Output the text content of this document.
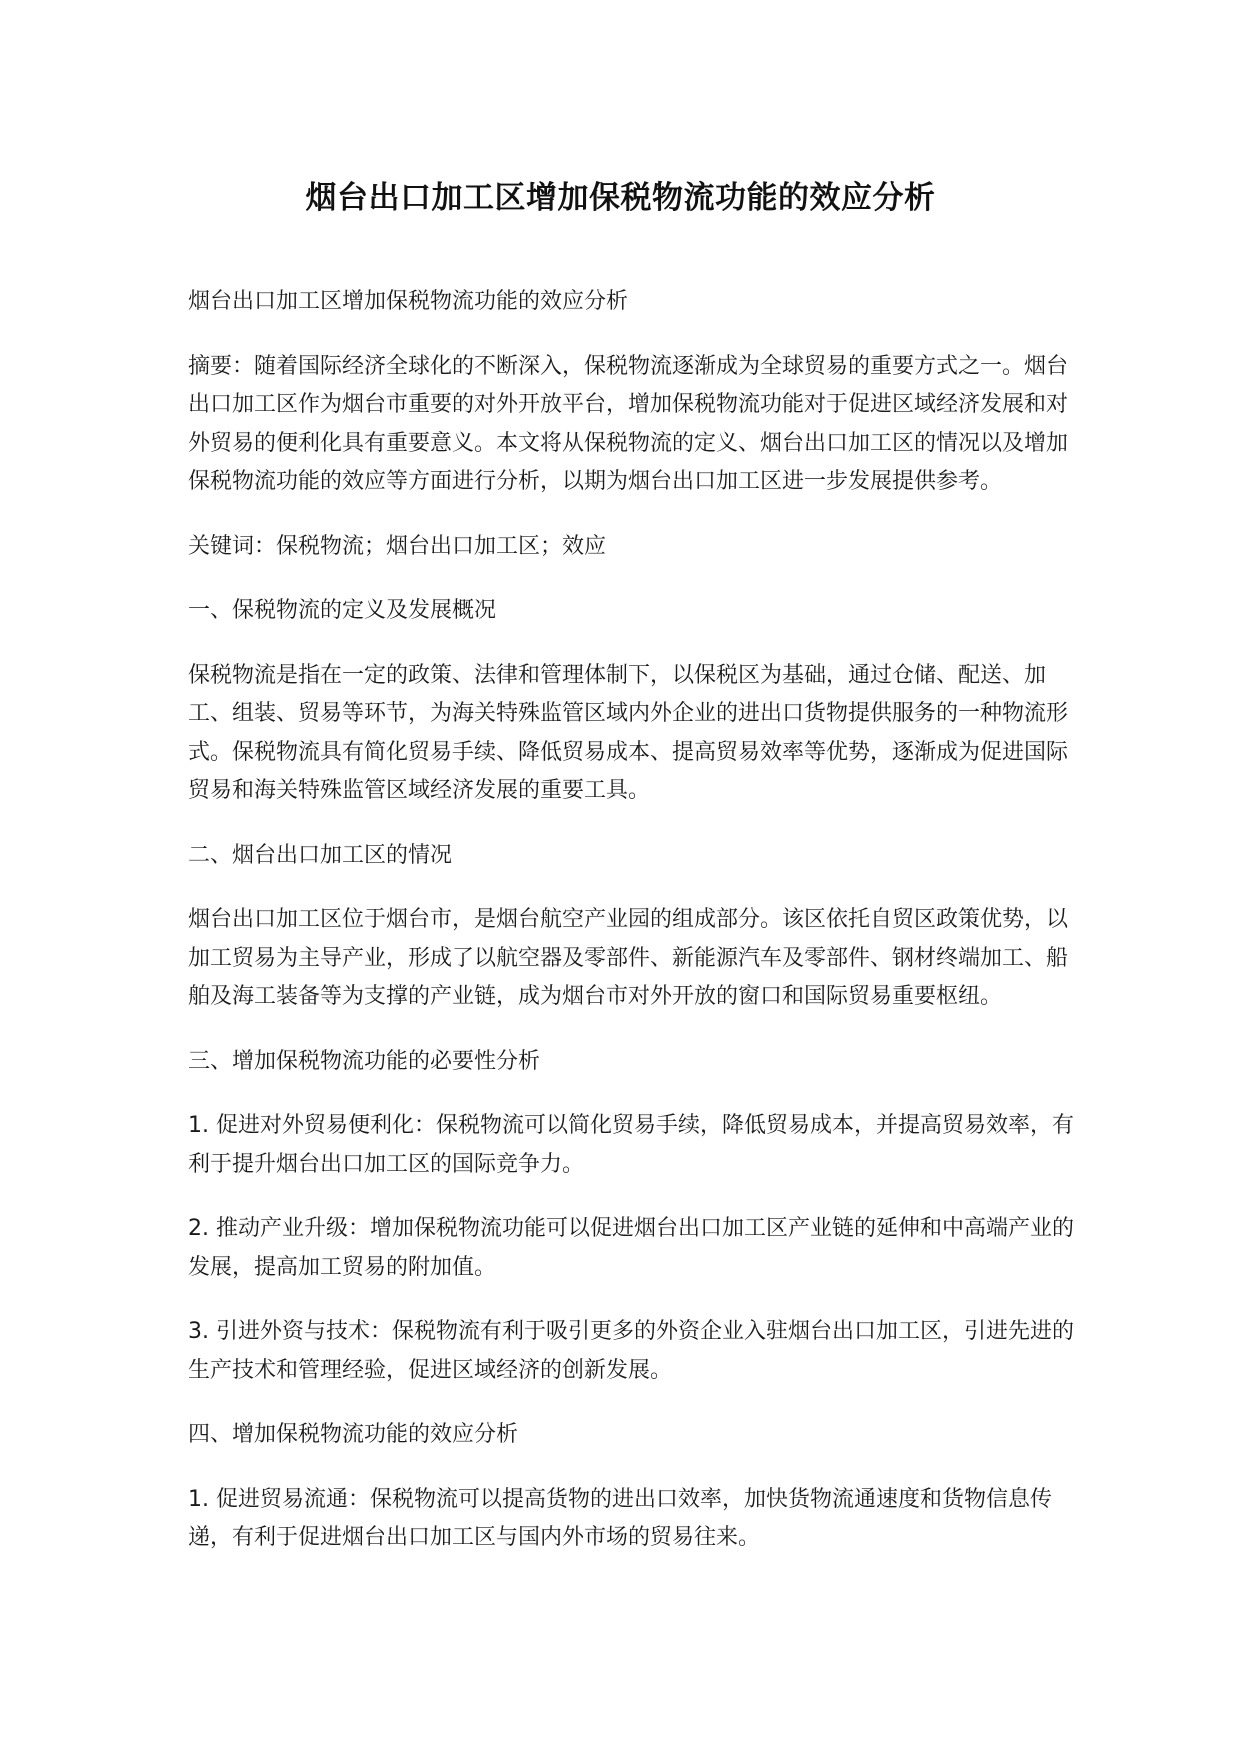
烟台出口加工区增加保税物流功能的效应分析

烟台出口加工区增加保税物流功能的效应分析

摘要：随着国际经济全球化的不断深入，保税物流逐渐成为全球贸易的重要方式之一。烟台出口加工区作为烟台市重要的对外开放平台，增加保税物流功能对于促进区域经济发展和对外贸易的便利化具有重要意义。本文将从保税物流的定义、烟台出口加工区的情况以及增加保税物流功能的效应等方面进行分析，以期为烟台出口加工区进一步发展提供参考。

关键词：保税物流；烟台出口加工区；效应

一、保税物流的定义及发展概况

保税物流是指在一定的政策、法律和管理体制下，以保税区为基础，通过仓储、配送、加工、组装、贸易等环节，为海关特殊监管区域内外企业的进出口货物提供服务的一种物流形式。保税物流具有简化贸易手续、降低贸易成本、提高贸易效率等优势，逐渐成为促进国际贸易和海关特殊监管区域经济发展的重要工具。

二、烟台出口加工区的情况

烟台出口加工区位于烟台市，是烟台航空产业园的组成部分。该区依托自贸区政策优势，以加工贸易为主导产业，形成了以航空器及零部件、新能源汽车及零部件、钢材终端加工、船舶及海工装备等为支撑的产业链，成为烟台市对外开放的窗口和国际贸易重要枢纽。

三、增加保税物流功能的必要性分析

1. 促进对外贸易便利化：保税物流可以简化贸易手续，降低贸易成本，并提高贸易效率，有利于提升烟台出口加工区的国际竞争力。

2. 推动产业升级：增加保税物流功能可以促进烟台出口加工区产业链的延伸和中高端产业的发展，提高加工贸易的附加值。

3. 引进外资与技术：保税物流有利于吸引更多的外资企业入驻烟台出口加工区，引进先进的生产技术和管理经验，促进区域经济的创新发展。

四、增加保税物流功能的效应分析

1. 促进贸易流通：保税物流可以提高货物的进出口效率，加快货物流通速度和货物信息传递，有利于促进烟台出口加工区与国内外市场的贸易往来。
